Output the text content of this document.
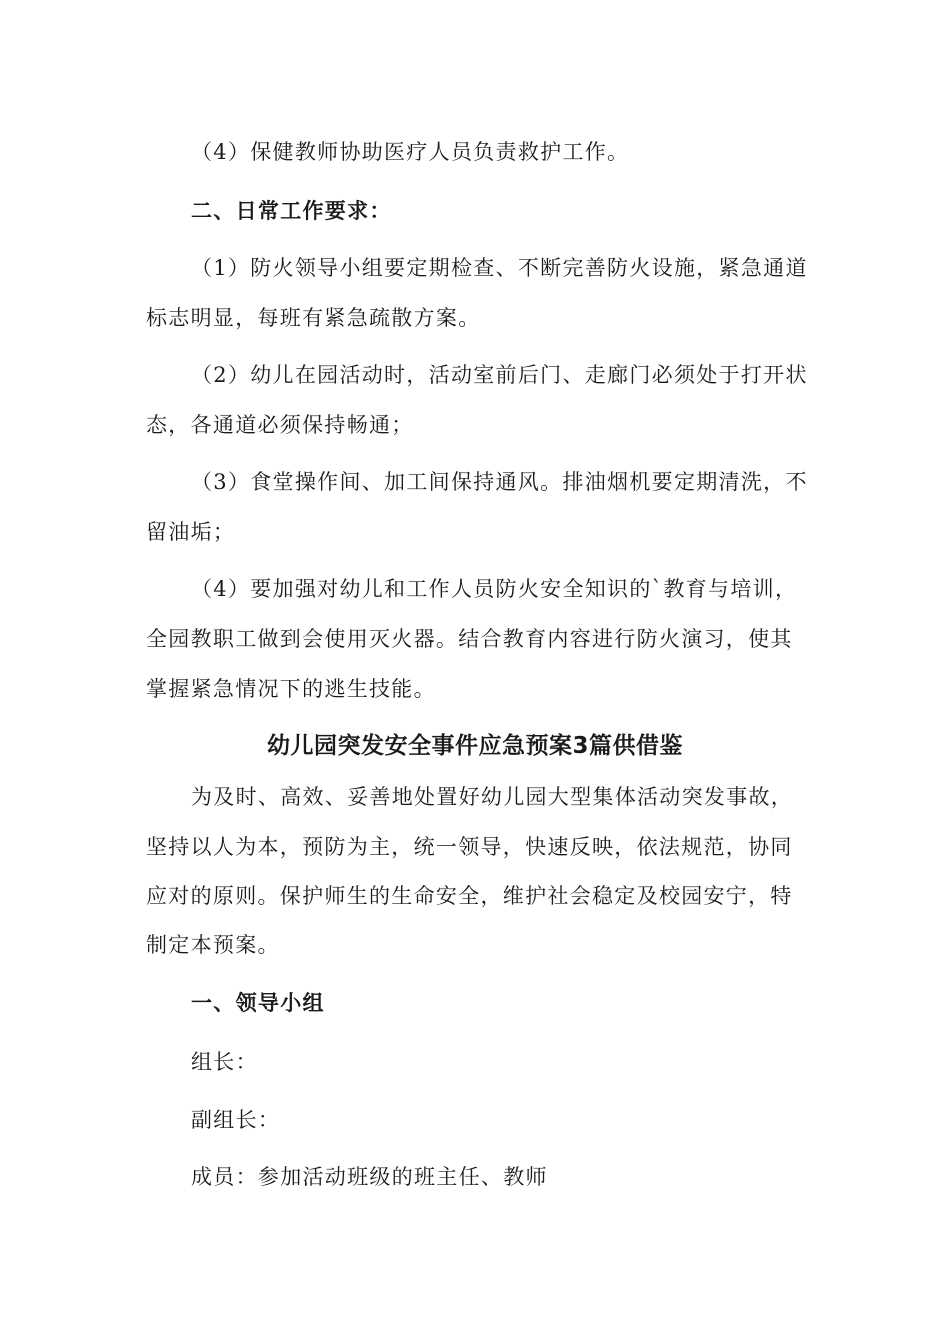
（4）保健教师协助医疗人员负责救护工作。
二、日常工作要求：
（1）防火领导小组要定期检查、不断完善防火设施，紧急通道
标志明显，每班有紧急疏散方案。
（2）幼儿在园活动时，活动室前后门、走廊门必须处于打开状
态，各通道必须保持畅通；
（3）食堂操作间、加工间保持通风。排油烟机要定期清洗，不
留油垢；
（4）要加强对幼儿和工作人员防火安全知识的`教育与培训，
全园教职工做到会使用灭火器。结合教育内容进行防火演习，使其
掌握紧急情况下的逃生技能。
幼儿园突发安全事件应急预案3篇供借鉴
为及时、高效、妥善地处置好幼儿园大型集体活动突发事故，
坚持以人为本，预防为主，统一领导，快速反映，依法规范，协同
应对的原则。保护师生的生命安全，维护社会稳定及校园安宁，特
制定本预案。
一、领导小组
组长：
副组长：
成员：参加活动班级的班主任、教师
